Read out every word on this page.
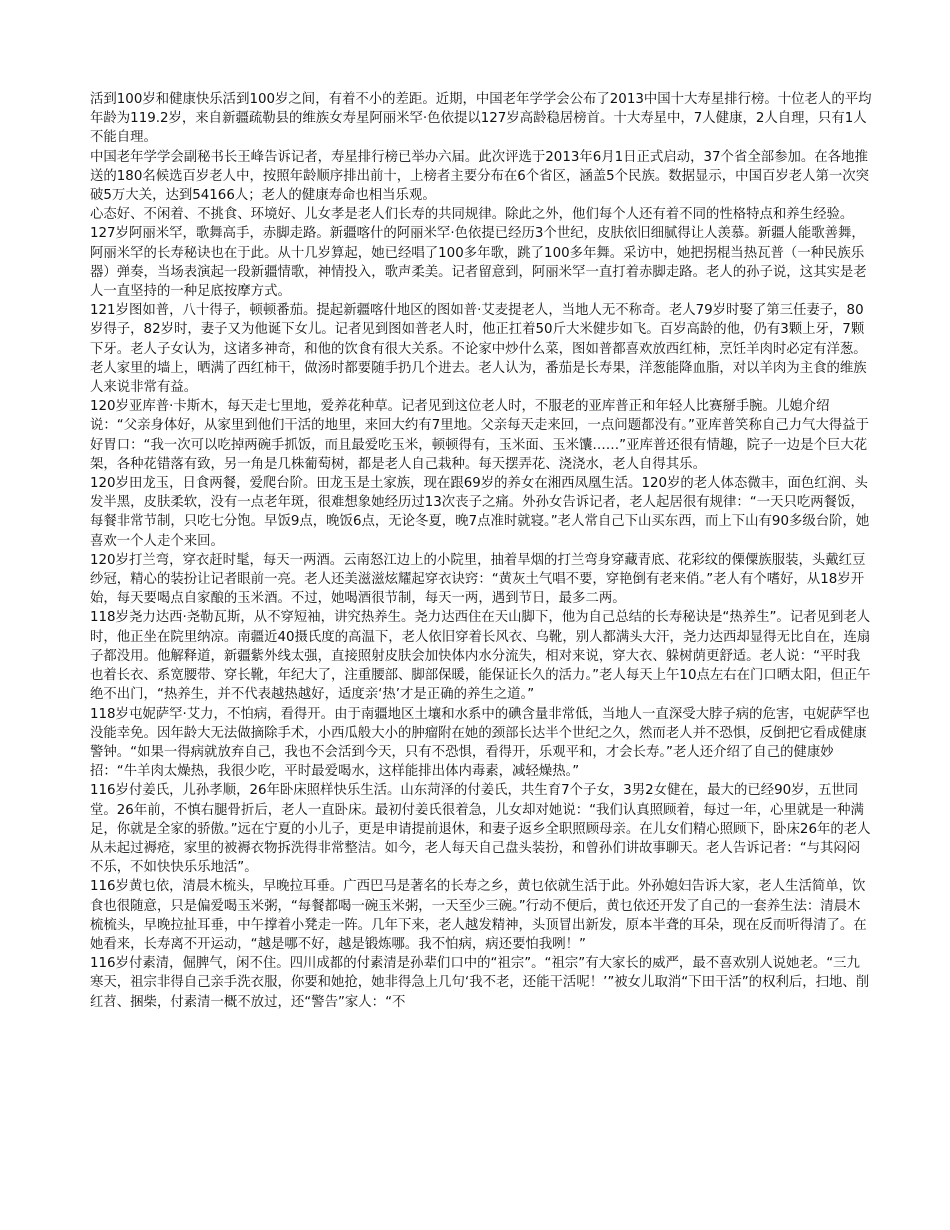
活到100岁和健康快乐活到100岁之间，有着不小的差距。近期，中国老年学学会公布了2013中国十大寿星排行榜。十位老人的平均年龄为119.2岁，来自新疆疏勒县的维族女寿星阿丽米罕·色依提以127岁高龄稳居榜首。十大寿星中，7人健康，2人自理，只有1人不能自理。

中国老年学学会副秘书长王峰告诉记者，寿星排行榜已举办六届。此次评选于2013年6月1日正式启动，37个省全部参加。在各地推送的180名候选百岁老人中，按照年龄顺序排出前十，上榜者主要分布在6个省区，涵盖5个民族。数据显示，中国百岁老人第一次突破5万大关，达到54166人；老人的健康寿命也相当乐观。

心态好、不闲着、不挑食、环境好、儿女孝是老人们长寿的共同规律。除此之外，他们每个人还有着不同的性格特点和养生经验。

127岁阿丽米罕，歌舞高手，赤脚走路。新疆喀什的阿丽米罕·色依提已经历3个世纪，皮肤依旧细腻得让人羡慕。新疆人能歌善舞，阿丽米罕的长寿秘诀也在于此。从十几岁算起，她已经唱了100多年歌，跳了100多年舞。采访中，她把拐棍当热瓦普（一种民族乐器）弹奏，当场表演起一段新疆情歌，神情投入，歌声柔美。记者留意到，阿丽米罕一直打着赤脚走路。老人的孙子说，这其实是老人一直坚持的一种足底按摩方式。

121岁图如普，八十得子，顿顿番茄。提起新疆喀什地区的图如普·艾麦提老人，当地人无不称奇。老人79岁时娶了第三任妻子，80岁得子，82岁时，妻子又为他诞下女儿。记者见到图如普老人时，他正扛着50斤大米健步如飞。百岁高龄的他，仍有3颗上牙，7颗下牙。老人子女认为，这诸多神奇，和他的饮食有很大关系。不论家中炒什么菜，图如普都喜欢放西红柿，烹饪羊肉时必定有洋葱。老人家里的墙上，晒满了西红柿干，做汤时都要随手扔几个进去。老人认为，番茄是长寿果，洋葱能降血脂，对以羊肉为主食的维族人来说非常有益。

120岁亚库普·卡斯木，每天走七里地，爱养花种草。记者见到这位老人时，不服老的亚库普正和年轻人比赛掰手腕。儿媳介绍说：“父亲身体好，从家里到他们干活的地里，来回大约有7里地。父亲每天走来回，一点问题都没有。”亚库普笑称自己力气大得益于好胃口：“我一次可以吃掉两碗手抓饭，而且最爱吃玉米，顿顿得有，玉米面、玉米馕……”亚库普还很有情趣，院子一边是个巨大花架，各种花错落有致，另一角是几株葡萄树，都是老人自己栽种。每天摆弄花、浇浇水，老人自得其乐。

120岁田龙玉，日食两餐，爱爬台阶。田龙玉是土家族，现在跟69岁的养女在湘西凤凰生活。120岁的老人体态微丰，面色红润、头发半黑，皮肤柔软，没有一点老年斑，很难想象她经历过13次丧子之痛。外孙女告诉记者，老人起居很有规律：“一天只吃两餐饭，每餐非常节制，只吃七分饱。早饭9点，晚饭6点，无论冬夏，晚7点准时就寝。”老人常自己下山买东西，而上下山有90多级台阶，她喜欢一个人走个来回。

120岁打兰弯，穿衣赶时髦，每天一两酒。云南怒江边上的小院里，抽着旱烟的打兰弯身穿藏青底、花彩纹的傈僳族服装，头戴红豆纱冠，精心的装扮让记者眼前一亮。老人还美滋滋炫耀起穿衣诀窍：“黄灰土气唱不要，穿艳倒有老来俏。”老人有个嗜好，从18岁开始，每天要喝点自家酿的玉米酒。不过，她喝酒很节制，每天一两，遇到节日，最多二两。

118岁尧力达西·尧勒瓦斯，从不穿短袖，讲究热养生。尧力达西住在天山脚下，他为自己总结的长寿秘诀是“热养生”。记者见到老人时，他正坐在院里纳凉。南疆近40摄氏度的高温下，老人依旧穿着长风衣、乌靴，别人都满头大汗，尧力达西却显得无比自在，连扇子都没用。他解释道，新疆紫外线太强，直接照射皮肤会加快体内水分流失，相对来说，穿大衣、躲树荫更舒适。老人说：“平时我也着长衣、系宽腰带、穿长靴，年纪大了，注重腰部、脚部保暖，能保证长久的活力。”老人每天上午10点左右在门口晒太阳，但正午绝不出门，“热养生，并不代表越热越好，适度亲‘热’才是正确的养生之道。”

118岁屯妮萨罕·艾力，不怕病，看得开。由于南疆地区土壤和水系中的碘含量非常低，当地人一直深受大脖子病的危害，屯妮萨罕也没能幸免。因年龄大无法做摘除手术，小西瓜般大小的肿瘤附在她的颈部长达半个世纪之久，然而老人并不恐惧，反倒把它看成健康警钟。“如果一得病就放弃自己，我也不会活到今天，只有不恐惧，看得开，乐观平和，才会长寿。”老人还介绍了自己的健康妙招：“牛羊肉太燥热，我很少吃，平时最爱喝水，这样能排出体内毒素，减轻燥热。”

116岁付姜氏，儿孙孝顺，26年卧床照样快乐生活。山东菏泽的付姜氏，共生育7个子女，3男2女健在，最大的已经90岁，五世同堂。26年前，不慎右腿骨折后，老人一直卧床。最初付姜氏很着急，儿女却对她说：“我们认真照顾着，每过一年，心里就是一种满足，你就是全家的骄傲。”远在宁夏的小儿子，更是申请提前退休，和妻子返乡全职照顾母亲。在儿女们精心照顾下，卧床26年的老人从未起过褥疮，家里的被褥衣物拆洗得非常整洁。如今，老人每天自己盘头装扮，和曾孙们讲故事聊天。老人告诉记者：“与其闷闷不乐，不如快快乐乐地活”。

116岁黄乜依，清晨木梳头，早晚拉耳垂。广西巴马是著名的长寿之乡，黄乜依就生活于此。外孙媳妇告诉大家，老人生活简单，饮食也很随意，只是偏爱喝玉米粥，“每餐都喝一碗玉米粥，一天至少三碗。”行动不便后，黄乜依还开发了自己的一套养生法：清晨木梳梳头，早晚拉扯耳垂，中午撑着小凳走一阵。几年下来，老人越发精神，头顶冒出新发，原本半聋的耳朵，现在反而听得清了。在她看来，长寿离不开运动，“越是哪不好，越是锻炼哪。我不怕病，病还要怕我咧！”

116岁付素清，倔脾气，闲不住。四川成都的付素清是孙辈们口中的“祖宗”。“祖宗”有大家长的威严，最不喜欢别人说她老。“三九寒天，祖宗非得自己亲手洗衣服，你要和她抢，她非得急上几句‘我不老，还能干活呢！’”被女儿取消“下田干活”的权利后，扫地、削红苕、捆柴，付素清一概不放过，还“警告”家人：“不
